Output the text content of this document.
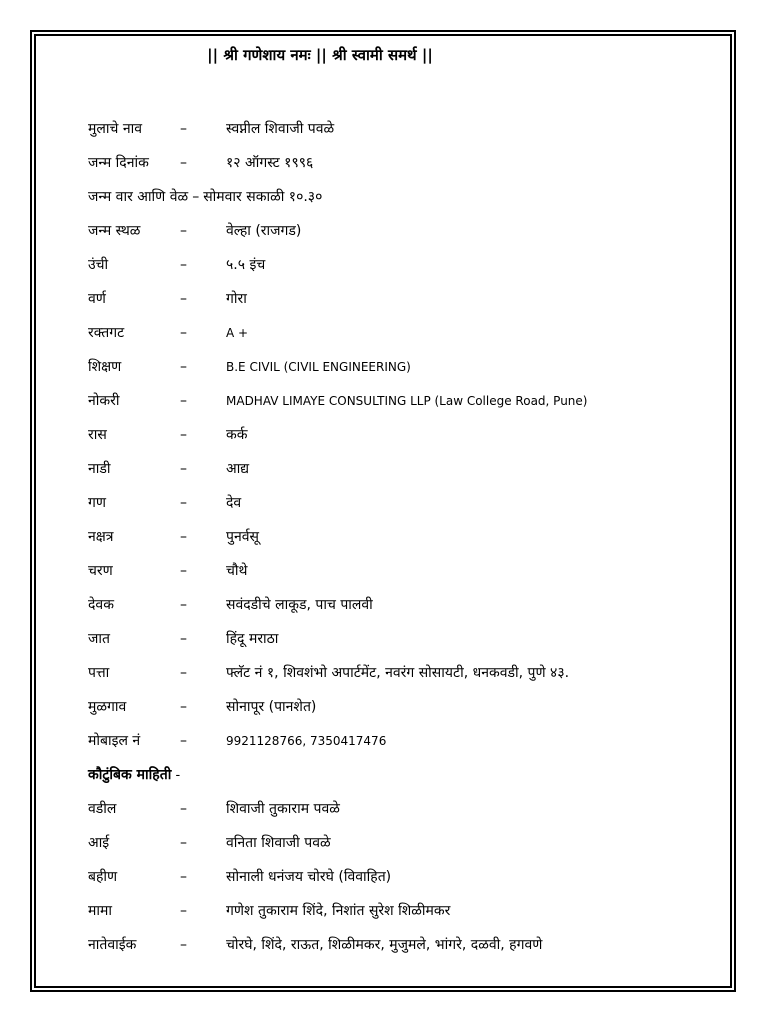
|| श्री गणेशाय नमः || श्री स्वामी समर्थ ||
मुलाचे नाव	–	स्वप्नील शिवाजी पवळे
जन्म दिनांक –	१२ ऑगस्ट १९९६
जन्म वार आणि वेळ – सोमवार सकाळी १०.३०
जन्म स्थळ	–	वेल्हा (राजगड)
उंची	–	५.५ इंच
वर्ण	–	गोरा
रक्तगट	–	A +
शिक्षण	–	B.E CIVIL (CIVIL ENGINEERING)
नोकरी	–	MADHAV LIMAYE CONSULTING LLP (Law College Road, Pune)
रास	–	कर्क
नाडी	–	आद्य
गण	–	देव
नक्षत्र	–	पुनर्वसू
चरण	–	चौथे
देवक	–	सवंदडीचे लाकूड, पाच पालवी
जात	–	हिंदू मराठा
पत्ता	–	फ्लॅट नं १, शिवशंभो अपार्टमेंट, नवरंग सोसायटी, धनकवडी, पुणे ४३.
मुळगाव	–	सोनापूर (पानशेत)
मोबाइल नं	–	9921128766, 7350417476
कौटुंबिक माहिती -
वडील	–	शिवाजी तुकाराम पवळे
आई	–	वनिता शिवाजी पवळे
बहीण	–	सोनाली धनंजय चोरघे (विवाहित)
मामा	–	गणेश तुकाराम शिंदे, निशांत सुरेश शिळीमकर
नातेवाईक	–	चोरघे, शिंदे, राऊत, शिळीमकर, मुजुमले, भांगरे, दळवी, हगवणे
